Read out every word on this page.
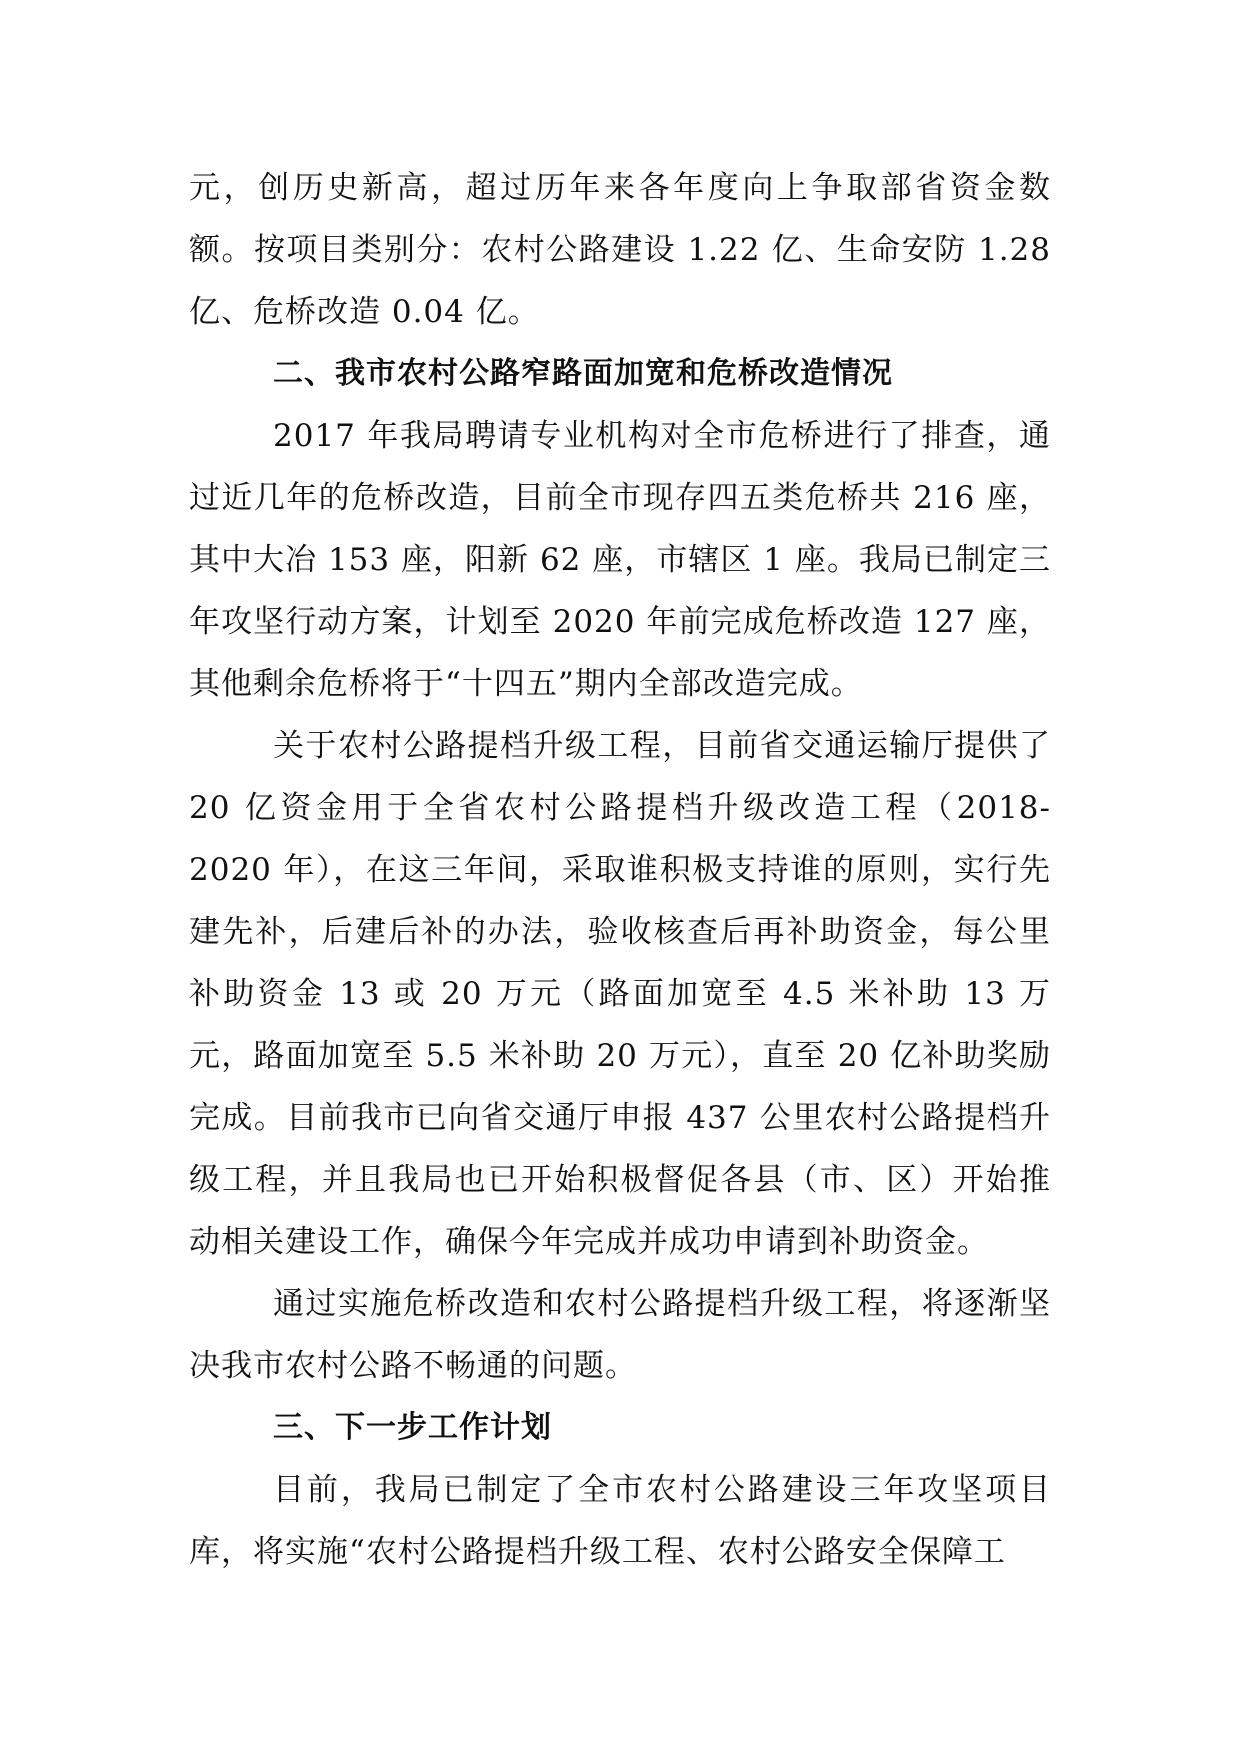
元，创历史新高，超过历年来各年度向上争取部省资金数额。按项目类别分：农村公路建设 1.22 亿、生命安防 1.28 亿、危桥改造 0.04 亿。

二、我市农村公路窄路面加宽和危桥改造情况

2017 年我局聘请专业机构对全市危桥进行了排查，通过近几年的危桥改造，目前全市现存四五类危桥共 216 座，其中大冶 153 座，阳新 62 座，市辖区 1 座。我局已制定三年攻坚行动方案，计划至 2020 年前完成危桥改造 127 座，其他剩余危桥将于“十四五”期内全部改造完成。

关于农村公路提档升级工程，目前省交通运输厅提供了 20 亿资金用于全省农村公路提档升级改造工程（2018-2020 年），在这三年间，采取谁积极支持谁的原则，实行先建先补，后建后补的办法，验收核查后再补助资金，每公里补助资金 13 或 20 万元（路面加宽至 4.5 米补助 13 万元，路面加宽至 5.5 米补助 20 万元），直至 20 亿补助奖励完成。目前我市已向省交通厅申报 437 公里农村公路提档升级工程，并且我局也已开始积极督促各县（市、区）开始推动相关建设工作，确保今年完成并成功申请到补助资金。

通过实施危桥改造和农村公路提档升级工程，将逐渐坚决我市农村公路不畅通的问题。

三、下一步工作计划

目前，我局已制定了全市农村公路建设三年攻坚项目库，将实施“农村公路提档升级工程、农村公路安全保障工
